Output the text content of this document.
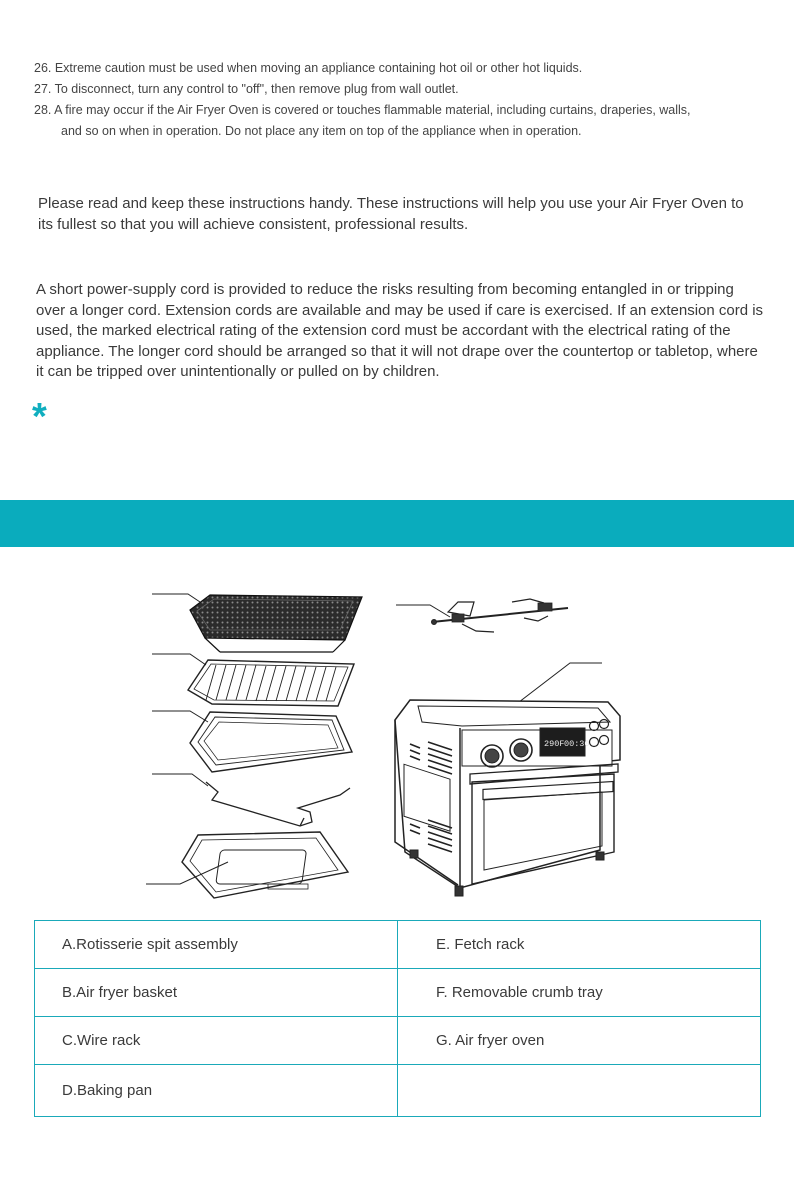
26. Extreme caution must be used when moving an appliance containing hot oil or other hot liquids.
27. To disconnect, turn any control to "off", then remove plug from wall outlet.
28. A fire may occur if the Air Fryer Oven is covered or touches flammable material, including curtains, draperies, walls,
and so on when in operation. Do not place any item on top of the appliance when in operation.
Please read and keep these instructions handy. These instructions will help you use your Air Fryer Oven to its fullest so that you will achieve consistent, professional results.
A short power-supply cord is provided to reduce the risks resulting from becoming entangled in or tripping over a longer cord. Extension cords are available and may be used if care is exercised. If an extension cord is used, the marked electrical rating of the extension cord must be accordant with the electrical rating of the appliance. The longer cord should be arranged so that it will not drape over the countertop or tabletop, where it can be tripped over unintentionally or pulled on by children.
*
290F 00:30
A.Rotisserie spit assembly	E. Fetch rack
B.Air fryer basket	F. Removable crumb tray
C.Wire rack	G. Air fryer oven
D.Baking pan	
